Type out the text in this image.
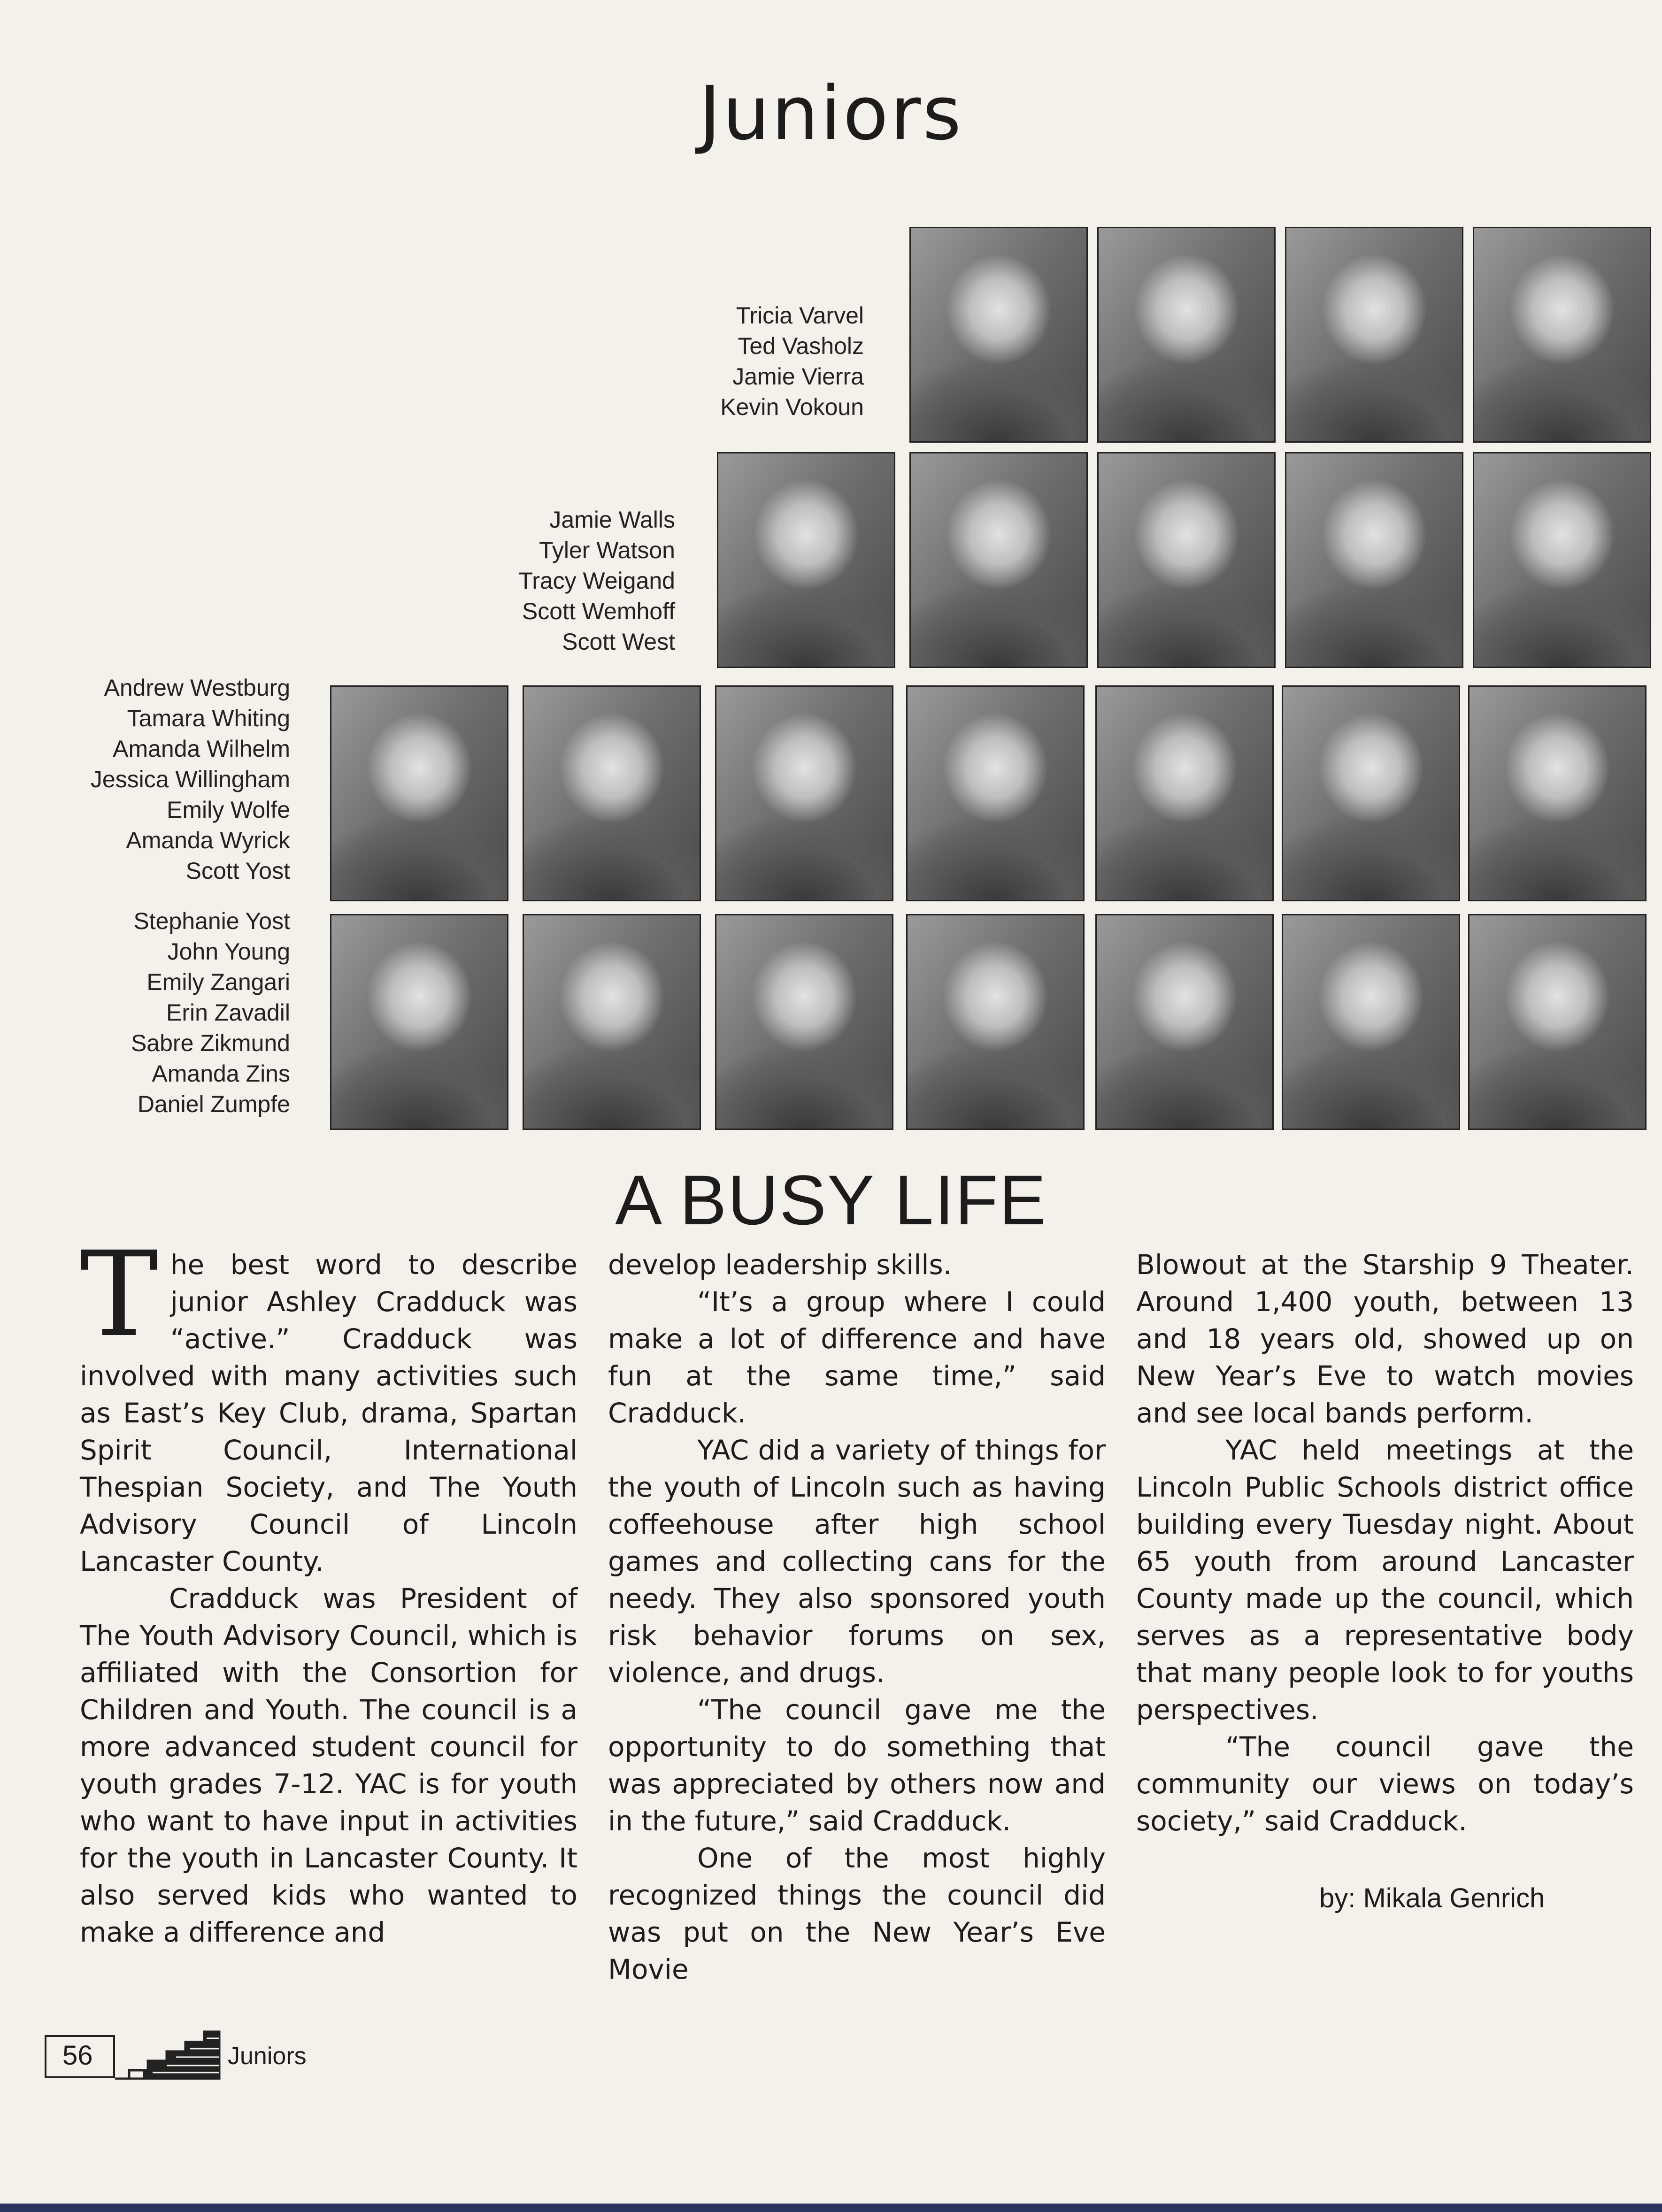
Juniors
Tricia Varvel
Ted Vasholz
Jamie Vierra
Kevin Vokoun
Jamie Walls
Tyler Watson
Tracy Weigand
Scott Wemhoff
Scott West
Andrew Westburg
Tamara Whiting
Amanda Wilhelm
Jessica Willingham
Emily Wolfe
Amanda Wyrick
Scott Yost
Stephanie Yost
John Young
Emily Zangari
Erin Zavadil
Sabre Zikmund
Amanda Zins
Daniel Zumpfe
A BUSY LIFE

The best word to describe junior Ashley Cradduck was “active.” Cradduck was involved with many activities such as East’s Key Club, drama, Spartan Spirit Council, International Thespian Society, and The Youth Advisory Council of Lincoln Lancaster County.

Cradduck was President of The Youth Advisory Council, which is affiliated with the Consortion for Children and Youth. The council is a more advanced student council for youth grades 7-12. YAC is for youth who want to have input in activities for the youth in Lancaster County. It also served kids who wanted to make a difference and

develop leadership skills.

“It’s a group where I could make a lot of difference and have fun at the same time,” said Cradduck.

YAC did a variety of things for the youth of Lincoln such as having coffeehouse after high school games and collecting cans for the needy. They also sponsored youth risk behavior forums on sex, violence, and drugs.

“The council gave me the opportunity to do something that was appreciated by others now and in the future,” said Cradduck.

One of the most highly recognized things the council did was put on the New Year’s Eve Movie

Blowout at the Starship 9 Theater. Around 1,400 youth, between 13 and 18 years old, showed up on New Year’s Eve to watch movies and see local bands perform.

YAC held meetings at the Lincoln Public Schools district office building every Tuesday night. About 65 youth from around Lancaster County made up the council, which serves as a representative body that many people look to for youths perspectives.

“The council gave the community our views on today’s society,” said Cradduck.

by: Mikala Genrich
56	Juniors
